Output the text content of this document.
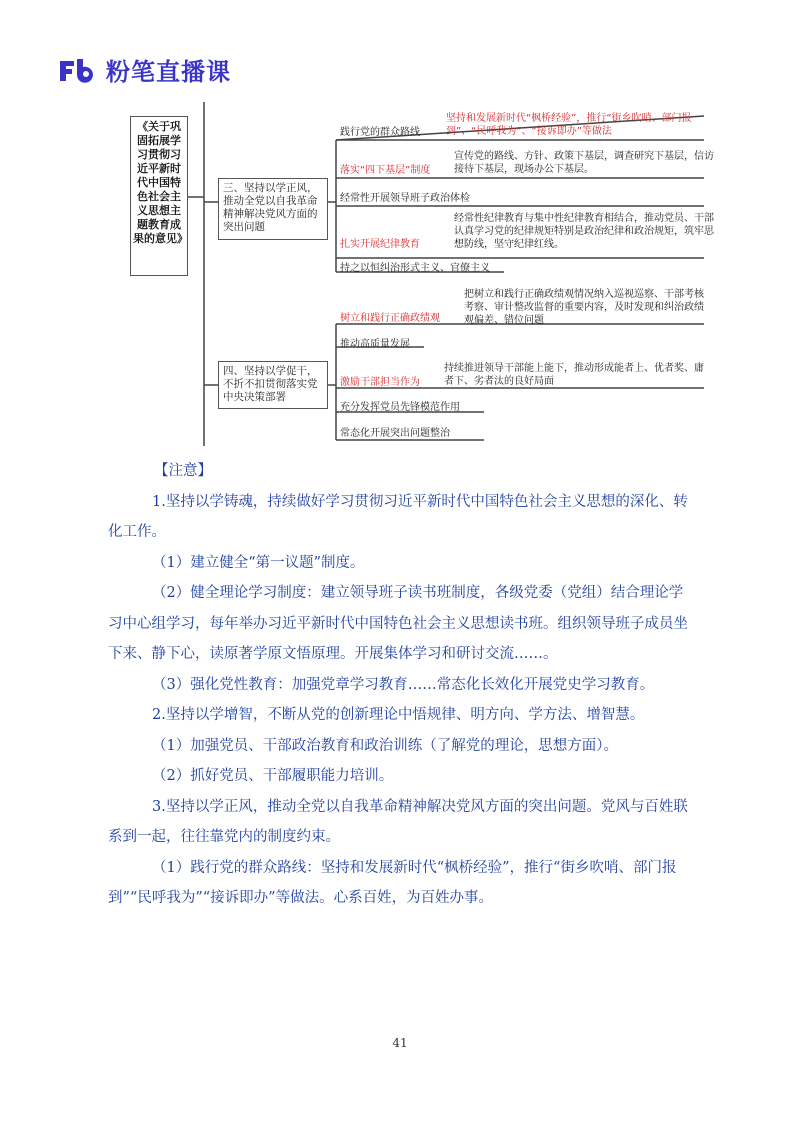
粉笔直播课
《关于巩固拓展学习贯彻习近平新时代中国特色社会主义思想主题教育成果的意见》
三、坚持以学正风，推动全党以自我革命精神解决党风方面的突出问题
四、坚持以学促干，不折不扣贯彻落实党中央决策部署

践行党的群众路线

坚持和发展新时代“枫桥经验”，推行“街乡吹哨、部门报到”、“民呼我为”、“接诉即办”等做法

落实“四下基层”制度

宣传党的路线、方针、政策下基层，调查研究下基层，信访接待下基层，现场办公下基层。

经常性开展领导班子政治体检

扎实开展纪律教育

经常性纪律教育与集中性纪律教育相结合，推动党员、干部认真学习党的纪律规矩特别是政治纪律和政治规矩，筑牢思想防线，坚守纪律红线。

持之以恒纠治形式主义、官僚主义

树立和践行正确政绩观

把树立和践行正确政绩观情况纳入巡视巡察、干部考核考察、审计整改监督的重要内容，及时发现和纠治政绩观偏差、错位问题

推动高质量发展

激励干部担当作为

持续推进领导干部能上能下，推动形成能者上、优者奖、庸者下、劣者汰的良好局面

充分发挥党员先锋模范作用

常态化开展突出问题整治

【注意】

1.坚持以学铸魂，持续做好学习贯彻习近平新时代中国特色社会主义思想的深化、转化工作。

（1）建立健全“第一议题”制度。

（2）健全理论学习制度：建立领导班子读书班制度，各级党委（党组）结合理论学习中心组学习，每年举办习近平新时代中国特色社会主义思想读书班。组织领导班子成员坐下来、静下心，读原著学原文悟原理。开展集体学习和研讨交流……。

（3）强化党性教育：加强党章学习教育……常态化长效化开展党史学习教育。

2.坚持以学增智，不断从党的创新理论中悟规律、明方向、学方法、增智慧。

（1）加强党员、干部政治教育和政治训练（了解党的理论，思想方面）。

（2）抓好党员、干部履职能力培训。

3.坚持以学正风，推动全党以自我革命精神解决党风方面的突出问题。党风与百姓联系到一起，往往靠党内的制度约束。

（1）践行党的群众路线：坚持和发展新时代“枫桥经验”，推行“街乡吹哨、部门报到”“民呼我为”“接诉即办”等做法。心系百姓，为百姓办事。

41
